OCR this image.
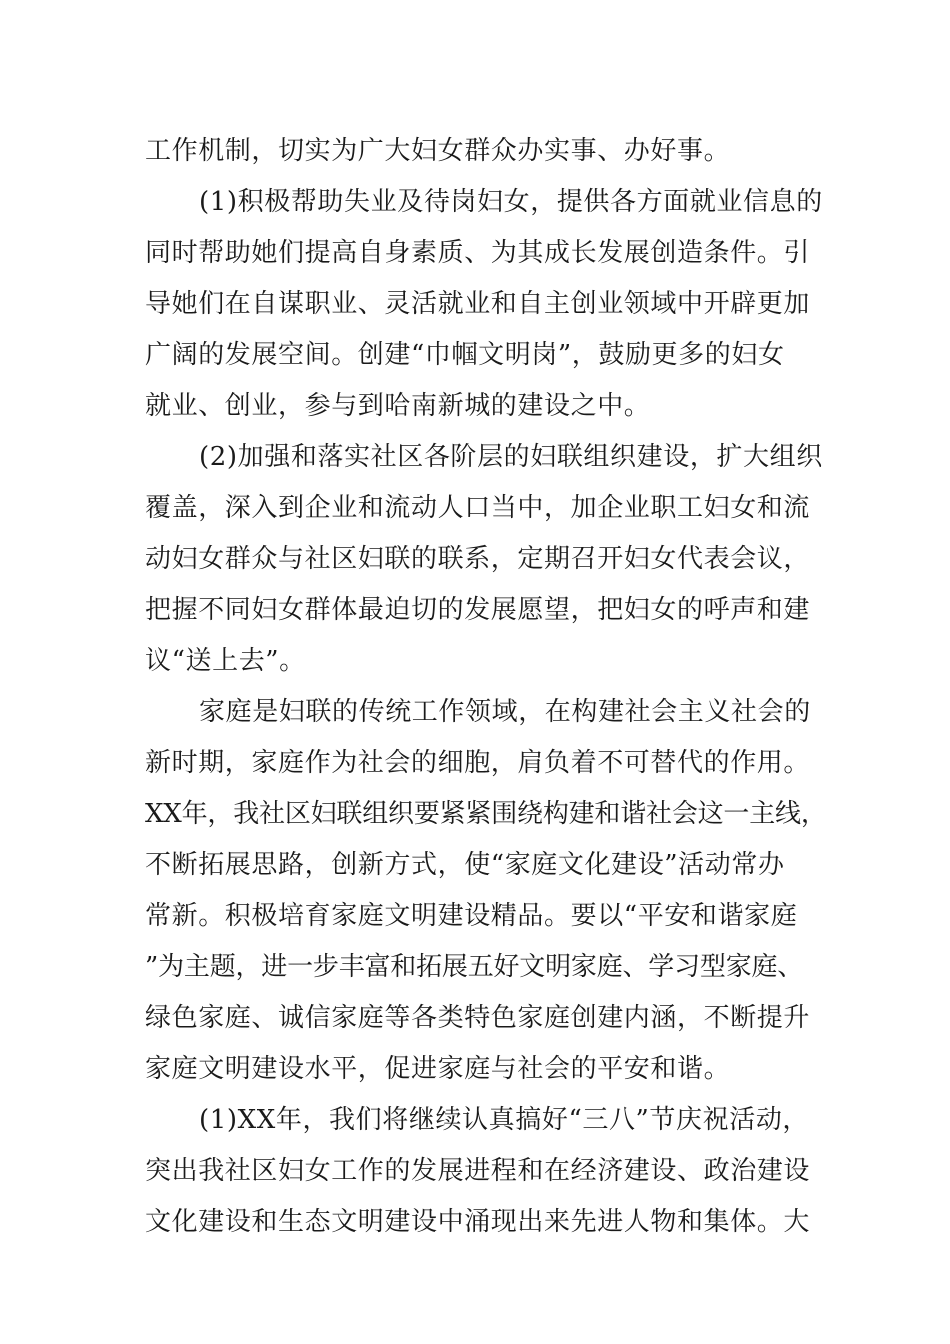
工作机制，切实为广大妇女群众办实事、办好事。
(1)积极帮助失业及待岗妇女，提供各方面就业信息的
同时帮助她们提高自身素质、为其成长发展创造条件。引
导她们在自谋职业、灵活就业和自主创业领域中开辟更加
广阔的发展空间。创建“巾帼文明岗”，鼓励更多的妇女
就业、创业，参与到哈南新城的建设之中。
(2)加强和落实社区各阶层的妇联组织建设，扩大组织
覆盖，深入到企业和流动人口当中，加企业职工妇女和流
动妇女群众与社区妇联的联系，定期召开妇女代表会议，
把握不同妇女群体最迫切的发展愿望，把妇女的呼声和建
议“送上去”。
家庭是妇联的传统工作领域，在构建社会主义社会的
新时期，家庭作为社会的细胞，肩负着不可替代的作用。
XX年，我社区妇联组织要紧紧围绕构建和谐社会这一主线，
不断拓展思路，创新方式，使“家庭文化建设”活动常办
常新。积极培育家庭文明建设精品。要以“平安和谐家庭
”为主题，进一步丰富和拓展五好文明家庭、学习型家庭、
绿色家庭、诚信家庭等各类特色家庭创建内涵，不断提升
家庭文明建设水平，促进家庭与社会的平安和谐。
(1)XX年，我们将继续认真搞好“三八”节庆祝活动，
突出我社区妇女工作的发展进程和在经济建设、政治建设
文化建设和生态文明建设中涌现出来先进人物和集体。大
